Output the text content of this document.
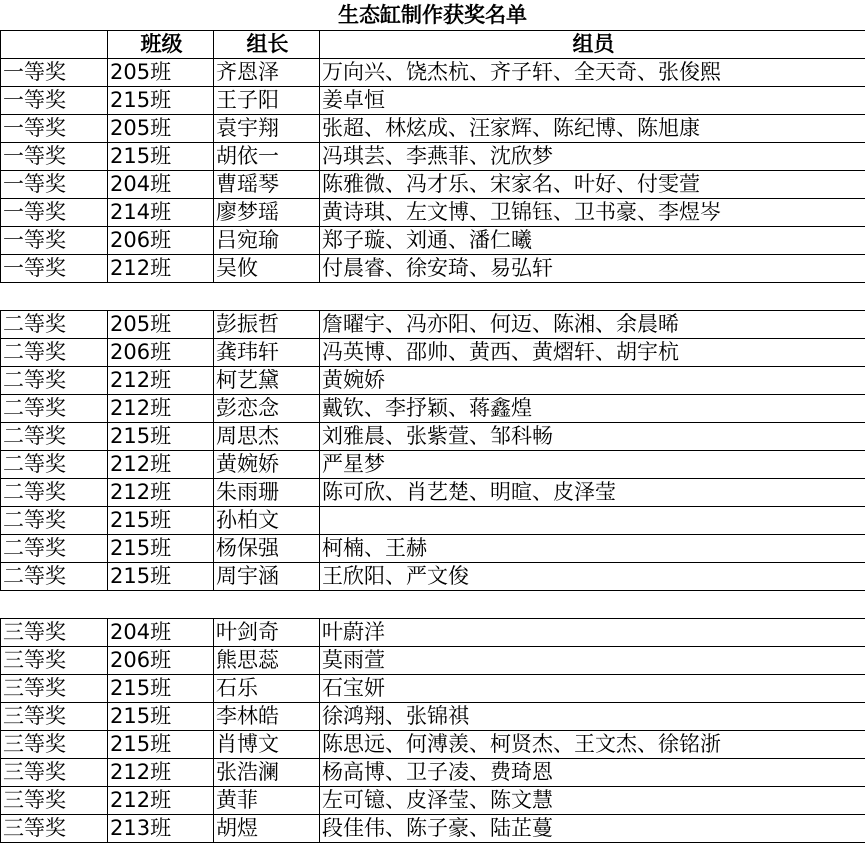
生态缸制作获奖名单
	班级	组长	组员
一等奖	205班	齐恩泽	万向兴、饶杰杭、齐子轩、全天奇、张俊熙
一等奖	215班	王子阳	姜卓恒
一等奖	205班	袁宇翔	张超、林炫成、汪家辉、陈纪博、陈旭康
一等奖	215班	胡依一	冯琪芸、李燕菲、沈欣梦
一等奖	204班	曹瑶琴	陈雅微、冯才乐、宋家名、叶好、付雯萱
一等奖	214班	廖梦瑶	黄诗琪、左文博、卫锦钰、卫书豪、李煜岑
一等奖	206班	吕宛瑜	郑子璇、刘通、潘仁曦
一等奖	212班	吴攸	付晨睿、徐安琦、易弘轩

二等奖	205班	彭振哲	詹曜宇、冯亦阳、何迈、陈湘、余晨晞
二等奖	206班	龚玮轩	冯英博、邵帅、黄西、黄熠轩、胡宇杭
二等奖	212班	柯艺黛	黄婉娇
二等奖	212班	彭恋念	戴钦、李抒颖、蒋鑫煌
二等奖	215班	周思杰	刘雅晨、张紫萱、邹科畅
二等奖	212班	黄婉娇	严星梦
二等奖	212班	朱雨珊	陈可欣、肖艺楚、明暄、皮泽莹
二等奖	215班	孙柏文	
二等奖	215班	杨保强	柯楠、王赫
二等奖	215班	周宇涵	王欣阳、严文俊

三等奖	204班	叶剑奇	叶蔚洋
三等奖	206班	熊思蕊	莫雨萱
三等奖	215班	石乐	石宝妍
三等奖	215班	李林皓	徐鸿翔、张锦祺
三等奖	215班	肖博文	陈思远、何溥羡、柯贤杰、王文杰、徐铭浙
三等奖	212班	张浩澜	杨高博、卫子凌、费琦恩
三等奖	212班	黄菲	左可镱、皮泽莹、陈文慧
三等奖	213班	胡煜	段佳伟、陈子豪、陆芷蔓
